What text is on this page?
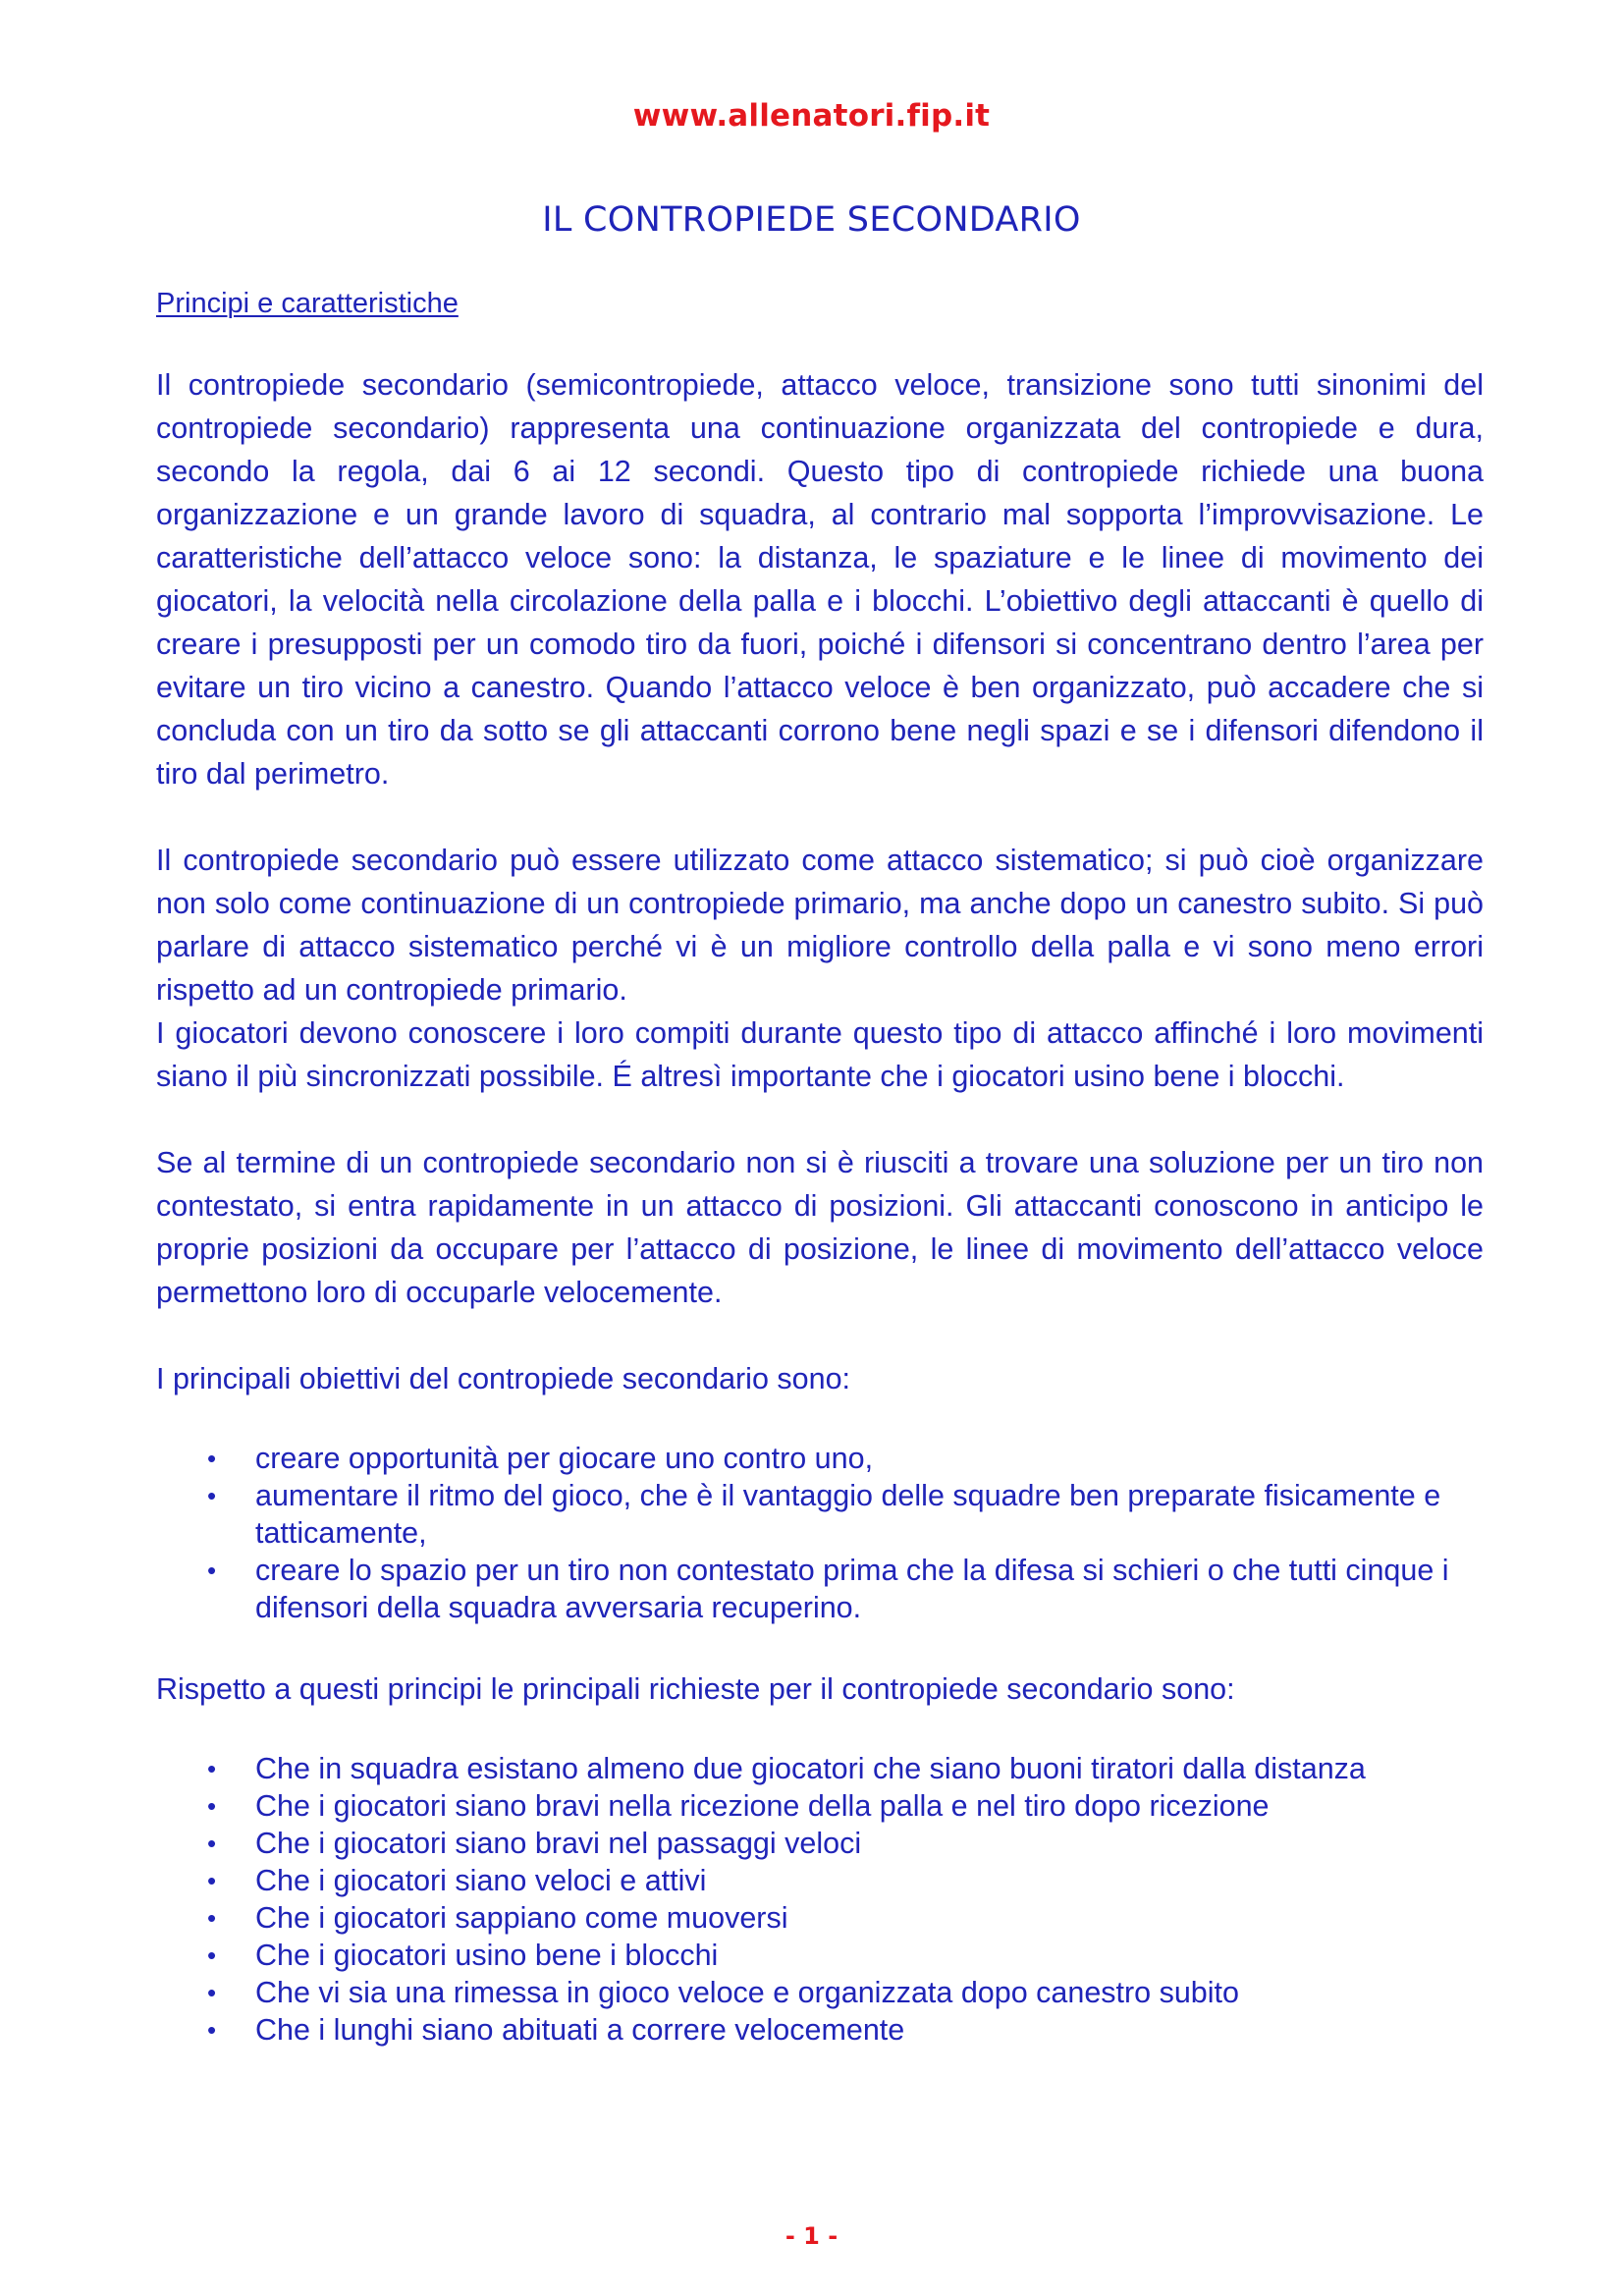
www.allenatori.fip.it
IL CONTROPIEDE SECONDARIO
Principi e caratteristiche

Il contropiede secondario (semicontropiede, attacco veloce, transizione sono tutti sinonimi del contropiede secondario) rappresenta una continuazione organizzata del contropiede e dura, secondo la regola, dai 6 ai 12 secondi. Questo tipo di contropiede richiede una buona organizzazione e un grande lavoro di squadra, al contrario mal sopporta l’improvvisazione. Le caratteristiche dell’attacco veloce sono: la distanza, le spaziature e le linee di movimento dei giocatori, la velocità nella circolazione della palla e i blocchi. L’obiettivo degli attaccanti è quello di creare i presupposti per un comodo tiro da fuori, poiché i difensori si concentrano dentro l’area per evitare un tiro vicino a canestro. Quando l’attacco veloce è ben organizzato, può accadere che si concluda con un tiro da sotto se gli attaccanti corrono bene negli spazi e se i difensori difendono il tiro dal perimetro.

Il contropiede secondario può essere utilizzato come attacco sistematico; si può cioè organizzare non solo come continuazione di un contropiede primario, ma anche dopo un canestro subito. Si può parlare di attacco sistematico perché vi è un migliore controllo della palla e vi sono meno errori rispetto ad un contropiede primario.

I giocatori devono conoscere i loro compiti durante questo tipo di attacco affinché i loro movimenti siano il più sincronizzati possibile. É altresì importante che i giocatori usino bene i blocchi.

Se al termine di un contropiede secondario non si è riusciti a trovare una soluzione per un tiro non contestato, si entra rapidamente in un attacco di posizioni. Gli attaccanti conoscono in anticipo le proprie posizioni da occupare per l’attacco di posizione, le linee di movimento dell’attacco veloce permettono loro di occuparle velocemente.

I principali obiettivi del contropiede secondario sono:

• creare opportunità per giocare uno contro uno,
• aumentare il ritmo del gioco, che è il vantaggio delle squadre ben preparate fisicamente e tatticamente,
• creare lo spazio per un tiro non contestato prima che la difesa si schieri o che tutti cinque i difensori della squadra avversaria recuperino.

Rispetto a questi principi le principali richieste per il contropiede secondario sono:

• Che in squadra esistano almeno due giocatori che siano buoni tiratori dalla distanza
• Che i giocatori siano bravi nella ricezione della palla e nel tiro dopo ricezione
• Che i giocatori siano bravi nel passaggi veloci
• Che i giocatori siano veloci e attivi
• Che i giocatori sappiano come muoversi
• Che i giocatori usino bene i blocchi
• Che vi sia una rimessa in gioco veloce e organizzata dopo canestro subito
• Che i lunghi siano abituati a correre velocemente
- 1 -
